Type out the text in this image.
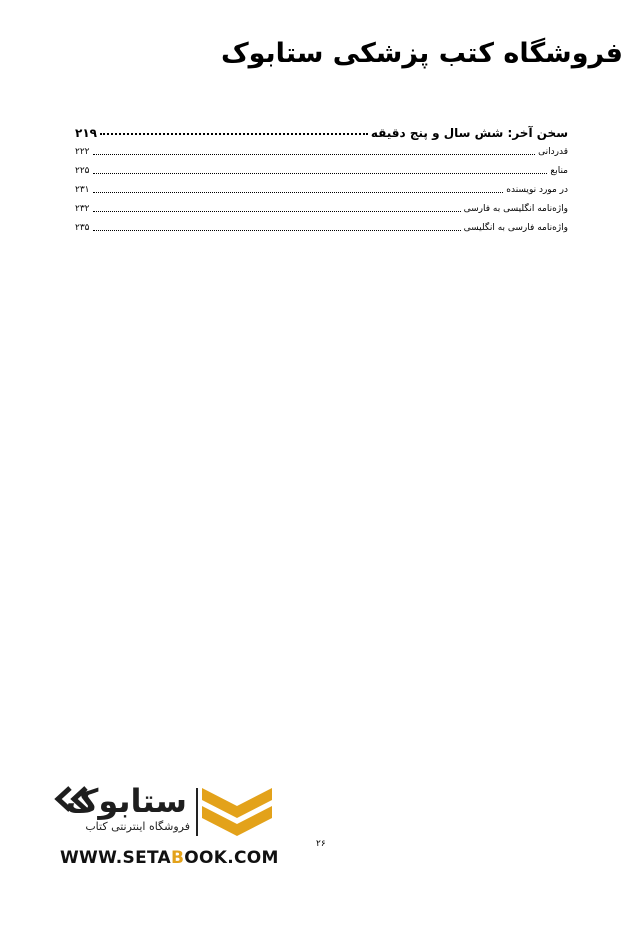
فروشگاه کتب پزشکی ستابوک
سخن آخر: شش سال و پنج دقیقه
۲۱۹
قدردانی
۲۲۲
منابع
۲۲۵
در مورد نویسنده
۲۳۱
واژه‌نامه انگلیسی به فارسی
۲۳۲
واژه‌نامه فارسی به انگلیسی
۲۳۵
۲۶
ستابوک
فروشگاه اینترنتی کتاب
WWW.SETABOOK.COM
